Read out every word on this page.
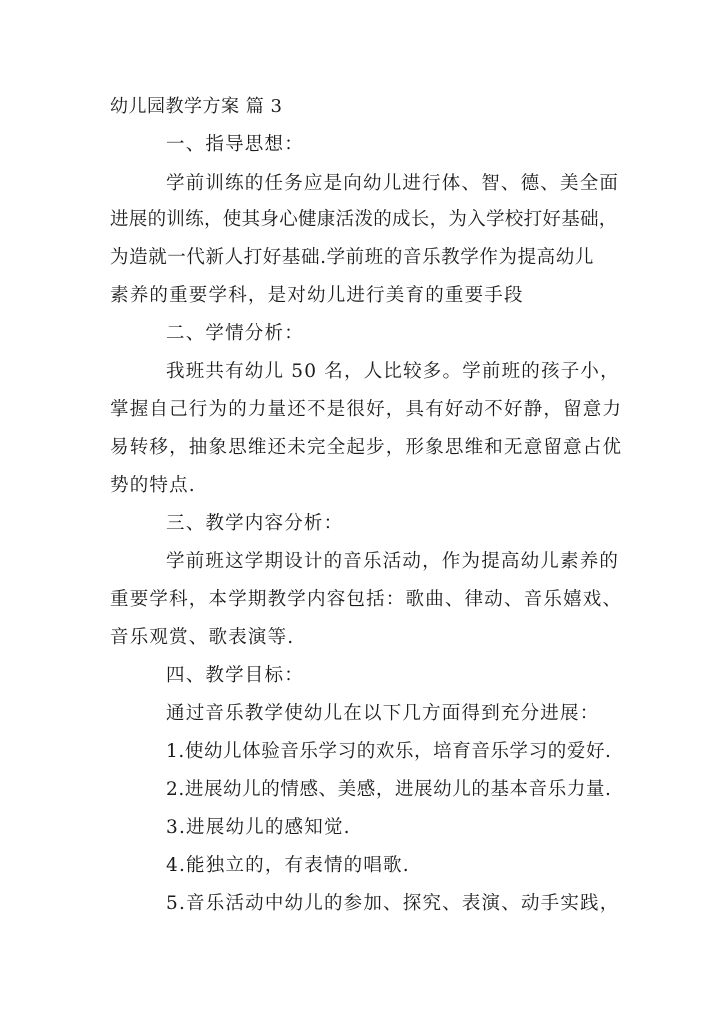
幼儿园教学方案 篇 3
一、指导思想：
学前训练的任务应是向幼儿进行体、智、德、美全面
进展的训练，使其身心健康活泼的成长，为入学校打好基础，
为造就一代新人打好基础.学前班的音乐教学作为提高幼儿
素养的重要学科，是对幼儿进行美育的重要手段
二、学情分析：
我班共有幼儿 50 名，人比较多。学前班的孩子小，
掌握自己行为的力量还不是很好，具有好动不好静，留意力
易转移，抽象思维还未完全起步，形象思维和无意留意占优
势的特点.
三、教学内容分析：
学前班这学期设计的音乐活动，作为提高幼儿素养的
重要学科，本学期教学内容包括：歌曲、律动、音乐嬉戏、
音乐观赏、歌表演等.
四、教学目标：
通过音乐教学使幼儿在以下几方面得到充分进展：
1.使幼儿体验音乐学习的欢乐，培育音乐学习的爱好.
2.进展幼儿的情感、美感，进展幼儿的基本音乐力量.
3.进展幼儿的感知觉.
4.能独立的，有表情的唱歌.
5.音乐活动中幼儿的参加、探究、表演、动手实践，
